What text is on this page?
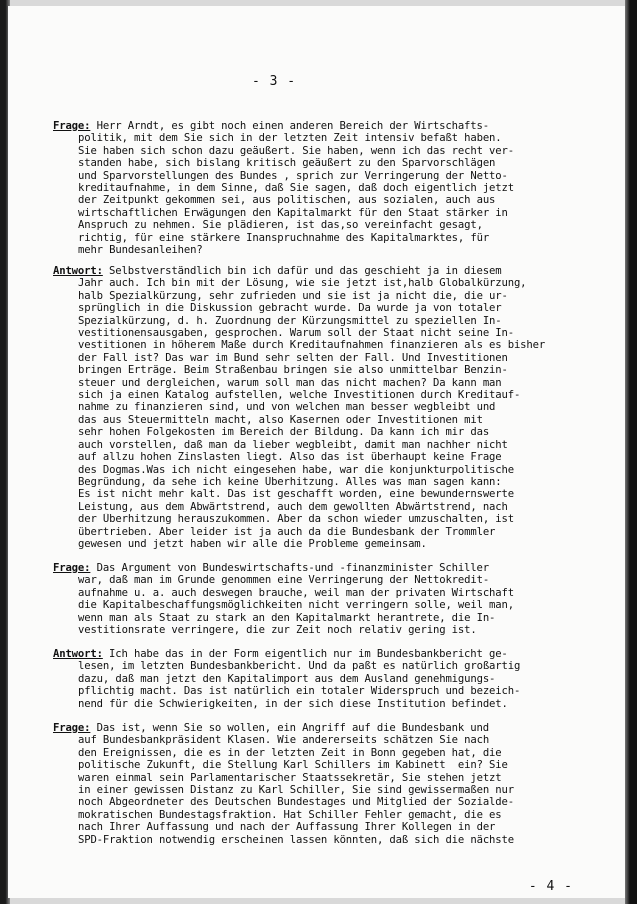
- 3 -
Frage: Herr Arndt, es gibt noch einen anderen Bereich der Wirtschafts-
politik, mit dem Sie sich in der letzten Zeit intensiv befaßt haben.
Sie haben sich schon dazu geäußert. Sie haben, wenn ich das recht ver-
standen habe, sich bislang kritisch geäußert zu den Sparvorschlägen
und Sparvorstellungen des Bundes , sprich zur Verringerung der Netto-
kreditaufnahme, in dem Sinne, daß Sie sagen, daß doch eigentlich jetzt
der Zeitpunkt gekommen sei, aus politischen, aus sozialen, auch aus
wirtschaftlichen Erwägungen den Kapitalmarkt für den Staat stärker in
Anspruch zu nehmen. Sie plädieren, ist das,so vereinfacht gesagt,
richtig, für eine stärkere Inanspruchnahme des Kapitalmarktes, für
mehr Bundesanleihen?
Antwort: Selbstverständlich bin ich dafür und das geschieht ja in diesem
Jahr auch. Ich bin mit der Lösung, wie sie jetzt ist,halb Globalkürzung,
halb Spezialkürzung, sehr zufrieden und sie ist ja nicht die, die ur-
sprünglich in die Diskussion gebracht wurde. Da wurde ja von totaler
Spezialkürzung, d. h. Zuordnung der Kürzungsmittel zu speziellen In-
vestitionensausgaben, gesprochen. Warum soll der Staat nicht seine In-
vestitionen in höherem Maße durch Kreditaufnahmen finanzieren als es bisher
der Fall ist? Das war im Bund sehr selten der Fall. Und Investitionen
bringen Erträge. Beim Straßenbau bringen sie also unmittelbar Benzin-
steuer und dergleichen, warum soll man das nicht machen? Da kann man
sich ja einen Katalog aufstellen, welche Investitionen durch Kreditauf-
nahme zu finanzieren sind, und von welchen man besser wegbleibt und
das aus Steuermitteln macht, also Kasernen oder Investitionen mit
sehr hohen Folgekosten im Bereich der Bildung. Da kann ich mir das
auch vorstellen, daß man da lieber wegbleibt, damit man nachher nicht
auf allzu hohen Zinslasten liegt. Also das ist überhaupt keine Frage
des Dogmas.Was ich nicht eingesehen habe, war die konjunkturpolitische
Begründung, da sehe ich keine Überhitzung. Alles was man sagen kann:
Es ist nicht mehr kalt. Das ist geschafft worden, eine bewundernswerte
Leistung, aus dem Abwärtstrend, auch dem gewollten Abwärtstrend, nach
der Überhitzung herauszukommen. Aber da schon wieder umzuschalten, ist
übertrieben. Aber leider ist ja auch da die Bundesbank der Trommler
gewesen und jetzt haben wir alle die Probleme gemeinsam.
Frage: Das Argument von Bundeswirtschafts-und -finanzminister Schiller
war, daß man im Grunde genommen eine Verringerung der Nettokredit-
aufnahme u. a. auch deswegen brauche, weil man der privaten Wirtschaft
die Kapitalbeschaffungsmöglichkeiten nicht verringern solle, weil man,
wenn man als Staat zu stark an den Kapitalmarkt herantrete, die In-
vestitionsrate verringere, die zur Zeit noch relativ gering ist.
Antwort: Ich habe das in der Form eigentlich nur im Bundesbankbericht ge-
lesen, im letzten Bundesbankbericht. Und da paßt es natürlich großartig
dazu, daß man jetzt den Kapitalimport aus dem Ausland genehmigungs-
pflichtig macht. Das ist natürlich ein totaler Widerspruch und bezeich-
nend für die Schwierigkeiten, in der sich diese Institution befindet.
Frage: Das ist, wenn Sie so wollen, ein Angriff auf die Bundesbank und
auf Bundesbankpräsident Klasen. Wie andererseits schätzen Sie nach
den Ereignissen, die es in der letzten Zeit in Bonn gegeben hat, die
politische Zukunft, die Stellung Karl Schillers im Kabinett  ein? Sie
waren einmal sein Parlamentarischer Staatssekretär, Sie stehen jetzt
in einer gewissen Distanz zu Karl Schiller, Sie sind gewissermaßen nur
noch Abgeordneter des Deutschen Bundestages und Mitglied der Sozialde-
mokratischen Bundestagsfraktion. Hat Schiller Fehler gemacht, die es
nach Ihrer Auffassung und nach der Auffassung Ihrer Kollegen in der
SPD-Fraktion notwendig erscheinen lassen könnten, daß sich die nächste
- 4 -
